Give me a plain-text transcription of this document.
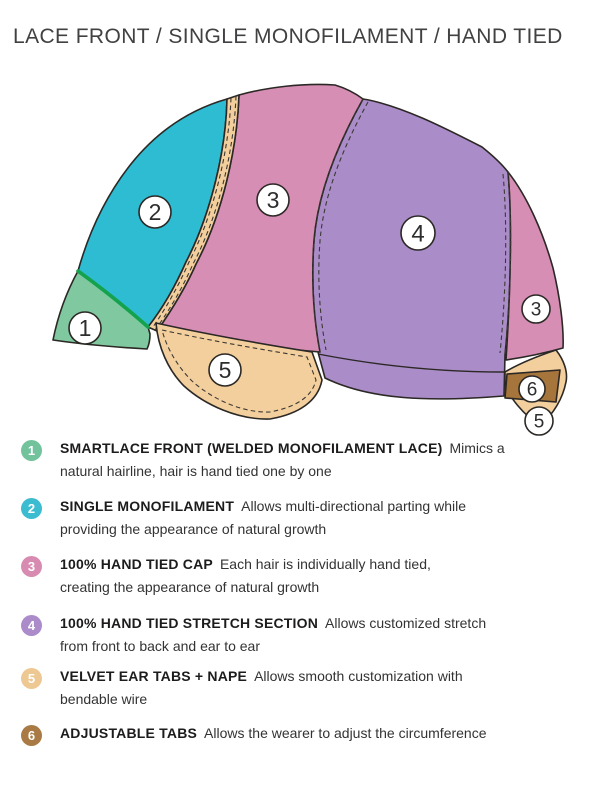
LACE FRONT / SINGLE MONOFILAMENT / HAND TIED
1
2	3
4
3
5
6
5
1 SMARTLACE FRONT (WELDED MONOFILAMENT LACE) Mimics a
natural hairline, hair is hand tied one by one
2 SINGLE MONOFILAMENT Allows multi-directional parting while
providing the appearance of natural growth
3 100% HAND TIED CAP Each hair is individually hand tied,
creating the appearance of natural growth
4 100% HAND TIED STRETCH SECTION Allows customized stretch
from front to back and ear to ear
5 VELVET EAR TABS + NAPE Allows smooth customization with
bendable wire
6 ADJUSTABLE TABS Allows the wearer to adjust the circumference
